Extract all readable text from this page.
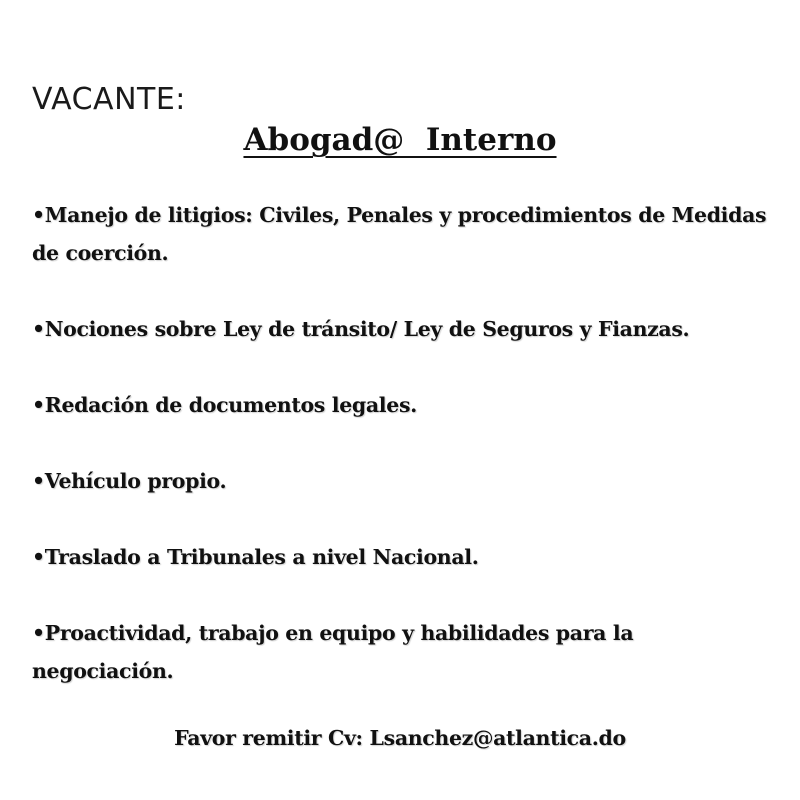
VACANTE:
Abogad@  Interno
•Manejo de litigios: Civiles, Penales y procedimientos de Medidas de coerción.
•Nociones sobre Ley de tránsito/ Ley de Seguros y Fianzas.
•Redación de documentos legales.
•Vehículo propio.
•Traslado a Tribunales a nivel Nacional.
•Proactividad, trabajo en equipo y habilidades para la negociación.
Favor remitir Cv: Lsanchez@atlantica.do
